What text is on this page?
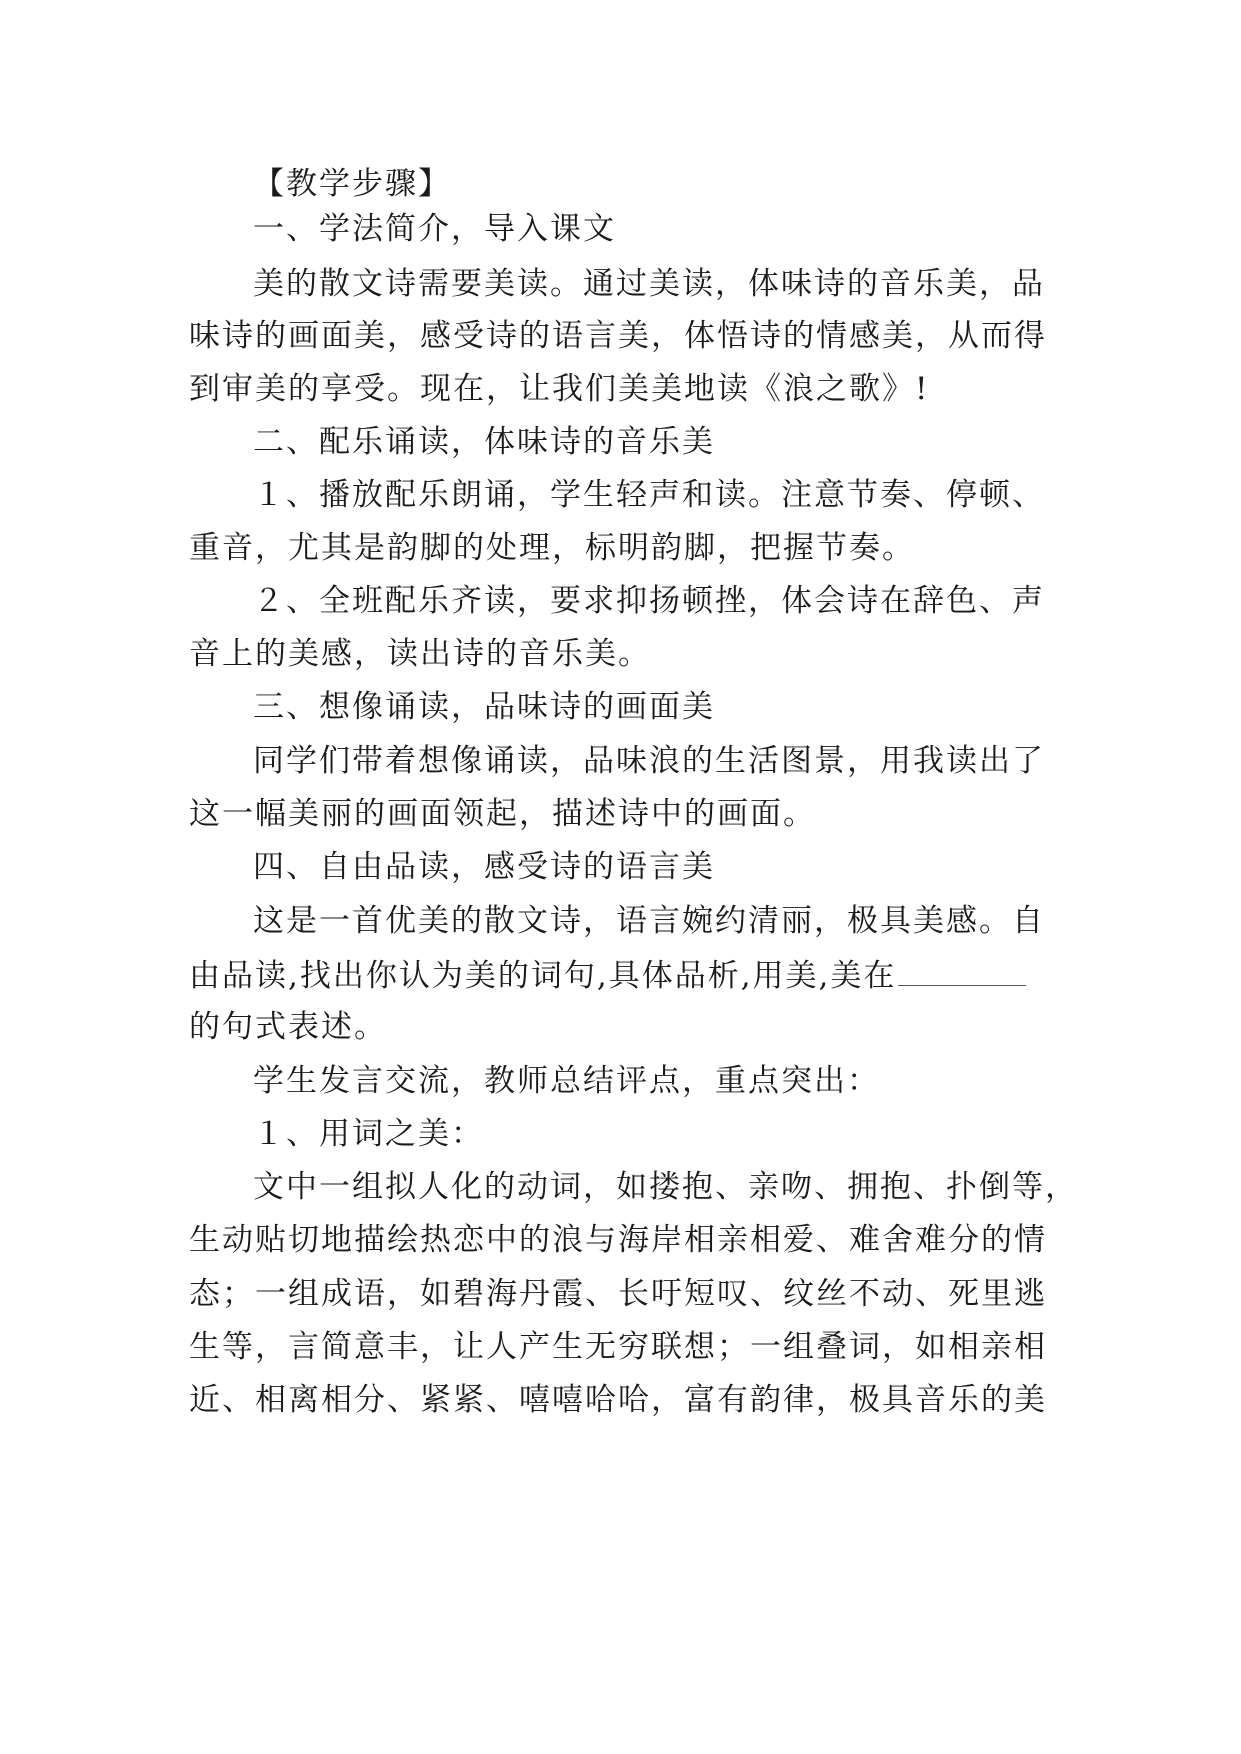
【教学步骤】
一、学法简介，导入课文
美的散文诗需要美读。通过美读，体味诗的音乐美，品
味诗的画面美，感受诗的语言美，体悟诗的情感美，从而得
到审美的享受。现在，让我们美美地读《浪之歌》!
二、配乐诵读，体味诗的音乐美
１、播放配乐朗诵，学生轻声和读。注意节奏、停顿、
重音，尤其是韵脚的处理，标明韵脚，把握节奏。
２、全班配乐齐读，要求抑扬顿挫，体会诗在辞色、声
音上的美感，读出诗的音乐美。
三、想像诵读，品味诗的画面美
同学们带着想像诵读，品味浪的生活图景，用我读出了
这一幅美丽的画面领起，描述诗中的画面。
四、自由品读，感受诗的语言美
这是一首优美的散文诗，语言婉约清丽，极具美感。自
由品读,找出你认为美的词句,具体品析,用美,美在
的句式表述。
学生发言交流，教师总结评点，重点突出：
１、用词之美：
文中一组拟人化的动词，如搂抱、亲吻、拥抱、扑倒等，
生动贴切地描绘热恋中的浪与海岸相亲相爱、难舍难分的情
态；一组成语，如碧海丹霞、长吁短叹、纹丝不动、死里逃
生等，言简意丰，让人产生无穷联想；一组叠词，如相亲相
近、相离相分、紧紧、嘻嘻哈哈，富有韵律，极具音乐的美
